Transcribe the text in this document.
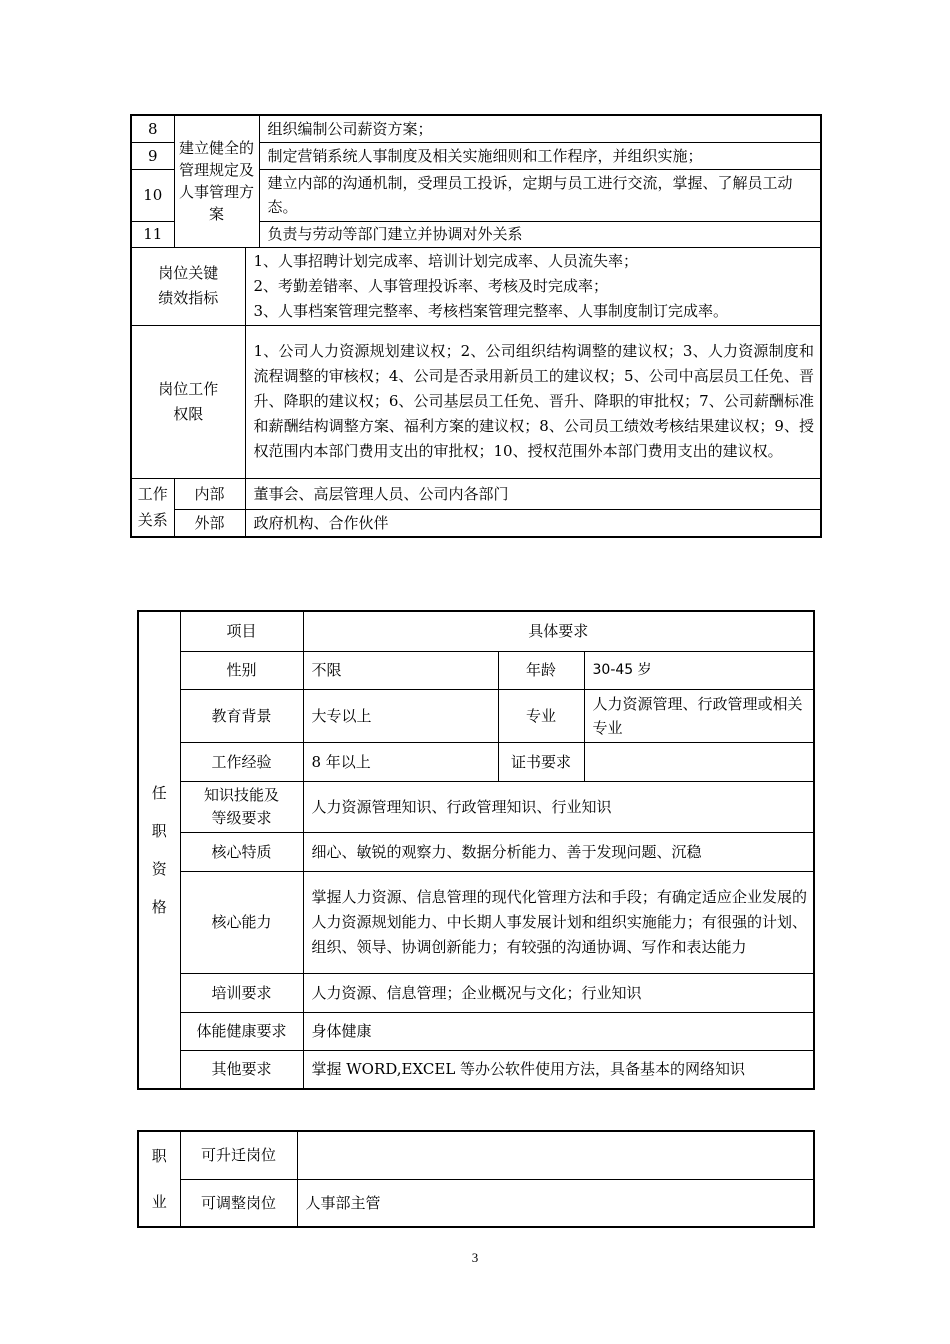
8	建立健全的管理规定及人事管理方案		组织编制公司薪资方案；
9			制定营销系统人事制度及相关实施细则和工作程序，并组织实施；
10			建立内部的沟通机制，受理员工投诉，定期与员工进行交流，掌握、了解员工动态。
11			负责与劳动等部门建立并协调对外关系
岗位关键绩效指标		1、人事招聘计划完成率、培训计划完成率、人员流失率；
2、考勤差错率、人事管理投诉率、考核及时完成率；
3、人事档案管理完整率、考核档案管理完整率、人事制度制订完成率。	

岗位工作权限		1、公司人力资源规划建议权；2、公司组织结构调整的建议权；3、人力资源制度和流程调整的审核权；4、公司是否录用新员工的建议权；5、公司中高层员工任免、晋升、降职的建议权；6、公司基层员工任免、晋升、降职的审批权；7、公司薪酬标准和薪酬结构调整方案、福利方案的建议权；8、公司员工绩效考核结果建议权；9、授权范围内本部门费用支出的审批权；10、授权范围外本部门费用支出的建议权。	
工作关系	内部	董事会、高层管理人员、公司内各部门	
	外部	政府机构、合作伙伴	
任
职
资
格	项目	具体要求		
	性别	不限	年龄	30-45 岁
	教育背景	大专以上	专业	人力资源管理、行政管理或相关专业
	工作经验	8 年以上	证书要求	
	知识技能及等级要求	人力资源管理知识、行政管理知识、行业知识		
	核心特质	细心、敏锐的观察力、数据分析能力、善于发现问题、沉稳		
	核心能力	掌握人力资源、信息管理的现代化管理方法和手段；有确定适应企业发展的人力资源规划能力、中长期人事发展计划和组织实施能力；有很强的计划、组织、领导、协调创新能力；有较强的沟通协调、写作和表达能力		
	培训要求	人力资源、信息管理；企业概况与文化；行业知识		
	体能健康要求	身体健康		
	其他要求	掌握 WORD,EXCEL 等办公软件使用方法，具备基本的网络知识		
职
业	可升迁岗位	
	可调整岗位	人事部主管
3
